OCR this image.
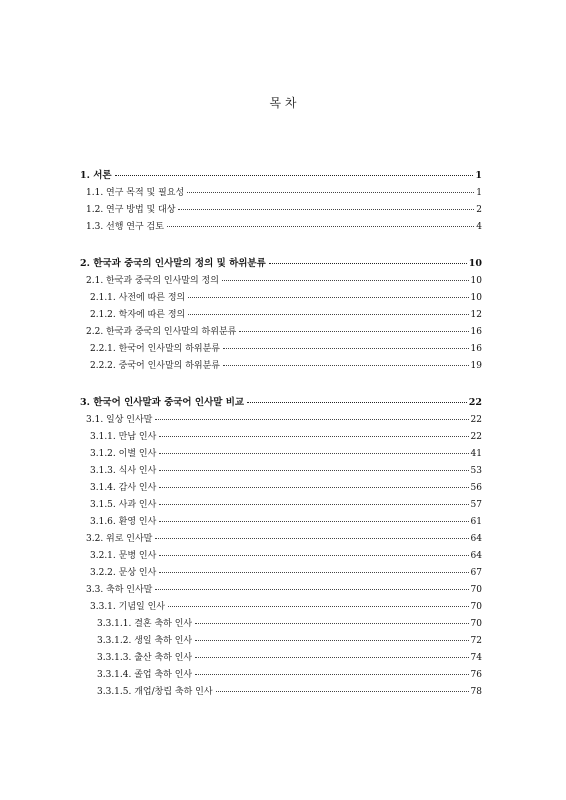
목 차
1. 서론	1
1.1. 연구 목적 및 필요성	1
1.2. 연구 방법 및 대상	2
1.3. 선행 연구 검토	4
2. 한국과 중국의 인사말의 정의 및 하위분류	10
2.1. 한국과 중국의 인사말의 정의	10
2.1.1. 사전에 따른 정의	10
2.1.2. 학자에 따른 정의	12
2.2. 한국과 중국의 인사말의 하위분류	16
2.2.1. 한국어 인사말의 하위분류	16
2.2.2. 중국어 인사말의 하위분류	19
3. 한국어 인사말과 중국어 인사말 비교	22
3.1. 일상 인사말	22
3.1.1. 만남 인사	22
3.1.2. 이별 인사	41
3.1.3. 식사 인사	53
3.1.4. 감사 인사	56
3.1.5. 사과 인사	57
3.1.6. 환영 인사	61
3.2. 위로 인사말	64
3.2.1. 문병 인사	64
3.2.2. 문상 인사	67
3.3. 축하 인사말	70
3.3.1. 기념일 인사	70
3.3.1.1. 결혼 축하 인사	70
3.3.1.2. 생일 축하 인사	72
3.3.1.3. 출산 축하 인사	74
3.3.1.4. 졸업 축하 인사	76
3.3.1.5. 개업/창립 축하 인사	78
